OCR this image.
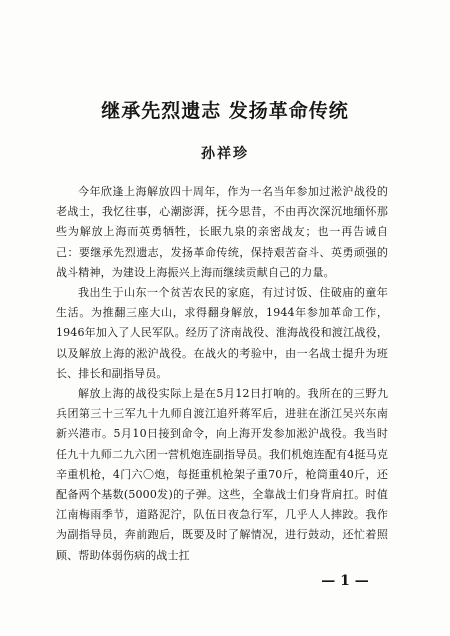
继承先烈遗志 发扬革命传统
孙祥珍

今年欣逢上海解放四十周年，作为一名当年参加过淞沪战役的老战士，我忆往事，心潮澎湃，抚今思昔，不由再次深沉地缅怀那些为解放上海而英勇牺牲，长眠九泉的亲密战友；也一再告诫自己：要继承先烈遗志，发扬革命传统，保持艰苦奋斗、英勇顽强的战斗精神，为建设上海振兴上海而继续贡献自己的力量。

我出生于山东一个贫苦农民的家庭，有过讨饭、住破庙的童年生活。为推翻三座大山，求得翻身解放，1944年参加革命工作，1946年加入了人民军队。经历了济南战役、淮海战役和渡江战役，以及解放上海的淞沪战役。在战火的考验中，由一名战士提升为班长、排长和副指导员。

解放上海的战役实际上是在5月12日打响的。我所在的三野九兵团第三十三军九十九师自渡江追歼蒋军后，进驻在浙江吴兴东南新兴港市。5月10日接到命令，向上海开发参加淞沪战役。我当时任九十九师二九六团一营机炮连副指导员。我们机炮连配有4挺马克辛重机枪，4门六〇炮，每挺重机枪架子重70斤，枪筒重40斤，还配备两个基数(5000发)的子弹。这些，全靠战士们身背肩扛。时值江南梅雨季节，道路泥泞，队伍日夜急行军，几乎人人摔跤。我作为副指导员，奔前跑后，既要及时了解情况，进行鼓动，还忙着照顾、帮助体弱伤病的战士扛

— 1 —
